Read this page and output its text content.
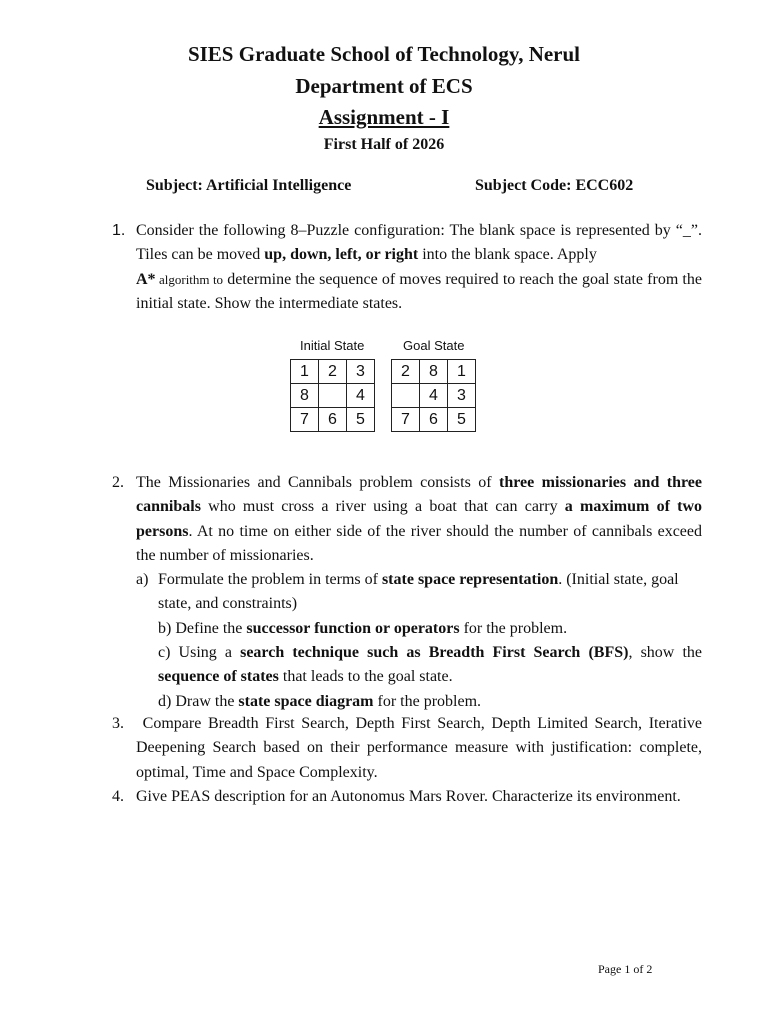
SIES Graduate School of Technology, Nerul
Department of ECS
Assignment - I
First Half of 2026
Subject: Artificial Intelligence	Subject Code: ECC602
1. Consider the following 8–Puzzle configuration: The blank space is represented by “_”. Tiles can be moved up, down, left, or right into the blank space. Apply
A* algorithm to determine the sequence of moves required to reach the goal state from the initial state. Show the intermediate states.
Initial State	Goal State
1	2	3
8		4
7	6	5
2	8	1
	4	3
7	6	5
2. The Missionaries and Cannibals problem consists of three missionaries and three cannibals who must cross a river using a boat that can carry a maximum of two persons. At no time on either side of the river should the number of cannibals exceed the number of missionaries.
a) Formulate the problem in terms of state space representation. (Initial state, goal state, and constraints)
b) Define the successor function or operators for the problem.
c) Using a search technique such as Breadth First Search (BFS), show the sequence of states that leads to the goal state.
d) Draw the state space diagram for the problem.
3. Compare Breadth First Search, Depth First Search, Depth Limited Search, Iterative Deepening Search based on their performance measure with justification: complete, optimal, Time and Space Complexity.
4. Give PEAS description for an Autonomus Mars Rover. Characterize its environment.
Page 1 of 2
